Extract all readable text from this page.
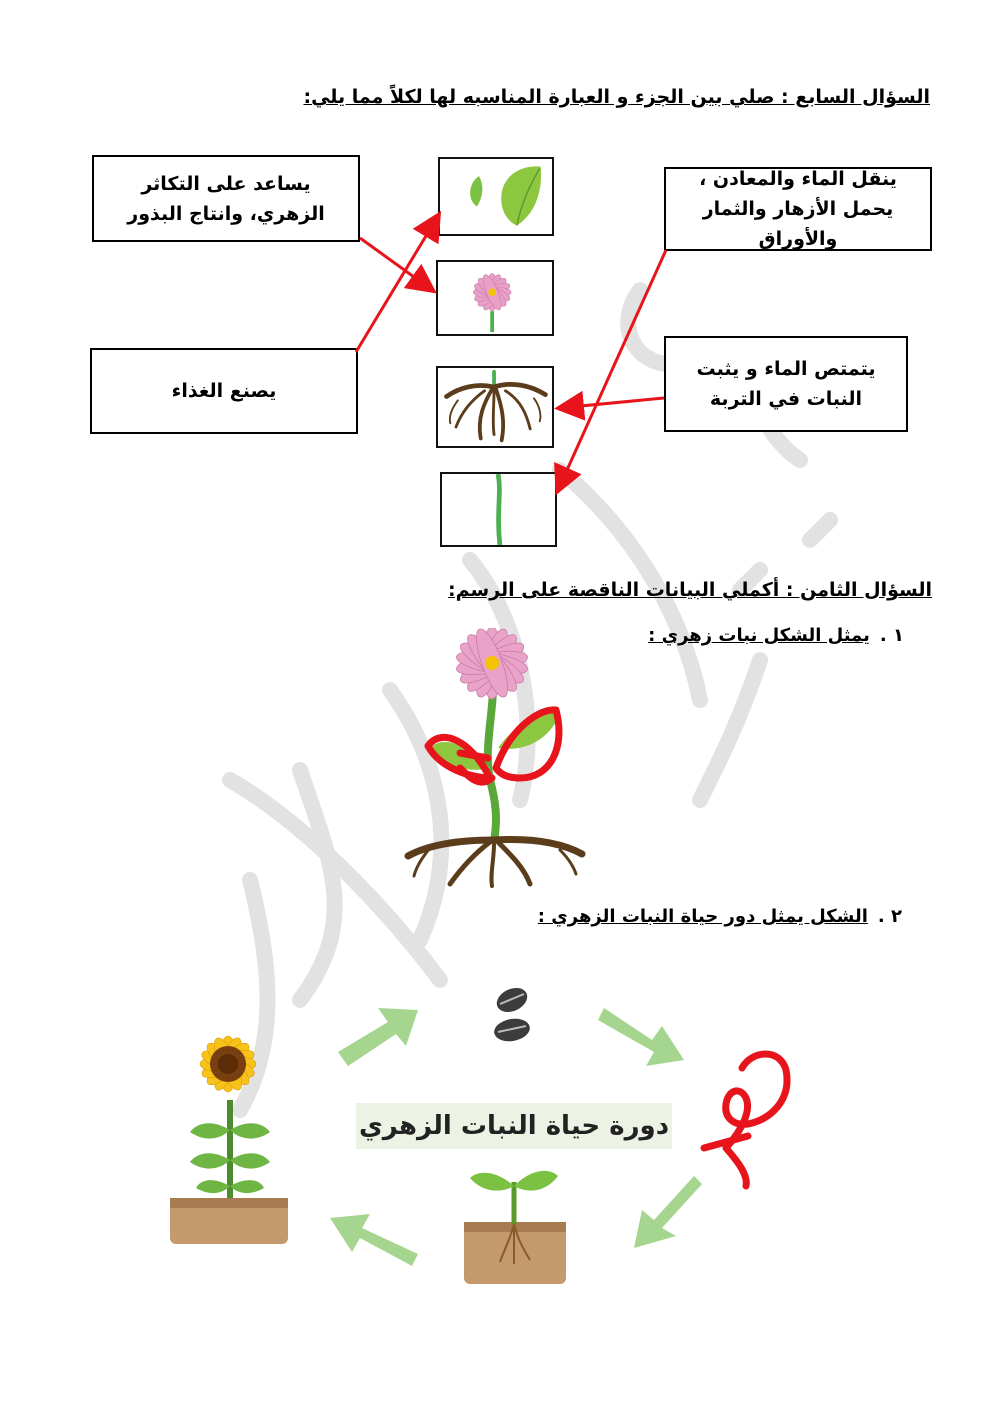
السؤال السابع : صلي بين الجزء و العبارة المناسبه لها لكلاً مما يلي:
يساعد على التكاثر الزهري، وانتاج البذور
يصنع الغذاء
ينقل الماء والمعادن ، يحمل الأزهار والثمار والأوراق
يتمتص الماء و يثبت النبات في التربة
السؤال الثامن : أكملي البيانات الناقصة على الرسم:
١ .يمثل الشكل نبات زهري :
٢ .الشكل يمثل دور حياة النبات الزهري :
دورة حياة النبات الزهري
